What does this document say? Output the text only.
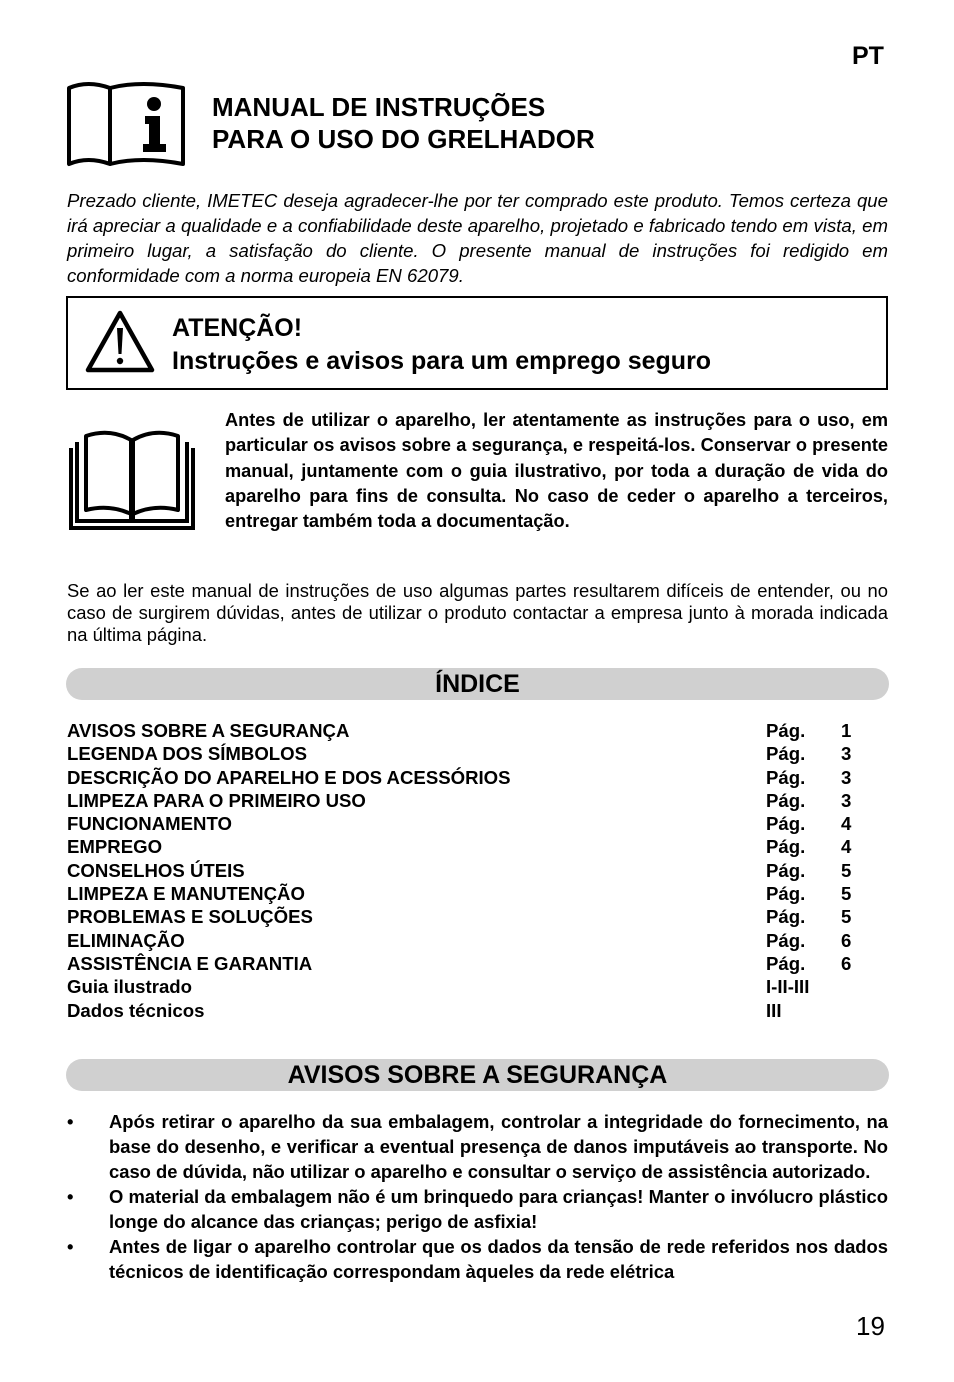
PT
MANUAL DE INSTRUÇÕES
PARA O USO DO GRELHADOR
Prezado cliente, IMETEC deseja agradecer-lhe por ter comprado este produto. Temos certeza que irá apreciar a qualidade e a confiabilidade deste aparelho, projetado e fabricado tendo em vista, em primeiro lugar, a satisfação do cliente. O presente manual de instruções foi redigido em conformidade com a norma europeia EN 62079.
ATENÇÃO!
Instruções e avisos para um emprego seguro
Antes de utilizar o aparelho, ler atentamente as instruções para o uso, em particular os avisos sobre a segurança, e respeitá-los. Conservar o presente manual, juntamente com o guia ilustrativo, por toda a duração de vida do aparelho para fins de consulta. No caso de ceder o aparelho a terceiros, entregar também toda a documentação.
Se ao ler este manual de instruções de uso algumas partes resultarem difíceis de entender, ou no caso de surgirem dúvidas, antes de utilizar o produto contactar a empresa junto à morada indicada na última página.
ÍNDICE
AVISOS SOBRE A SEGURANÇA	Pág. 1
LEGENDA DOS SÍMBOLOS	Pág. 3
DESCRIÇÃO DO APARELHO E DOS ACESSÓRIOS	Pág. 3
LIMPEZA PARA O PRIMEIRO USO	Pág. 3
FUNCIONAMENTO	Pág. 4
EMPREGO	Pág. 4
CONSELHOS ÚTEIS	Pág. 5
LIMPEZA E MANUTENÇÃO	Pág. 5
PROBLEMAS E SOLUÇÕES	Pág. 5
ELIMINAÇÃO	Pág. 6
ASSISTÊNCIA E GARANTIA	Pág. 6
Guia ilustrado	I-II-III
Dados técnicos	III
AVISOS SOBRE A SEGURANÇA
• Após retirar o aparelho da sua embalagem, controlar a integridade do fornecimento, na base do desenho, e verificar a eventual presença de danos imputáveis ao transporte. No caso de dúvida, não utilizar o aparelho e consultar o serviço de assistência autorizado.
• O material da embalagem não é um brinquedo para crianças! Manter o invólucro plástico longe do alcance das crianças; perigo de asfixia!
• Antes de ligar o aparelho controlar que os dados da tensão de rede referidos nos dados técnicos de identificação correspondam àqueles da rede elétrica
19
